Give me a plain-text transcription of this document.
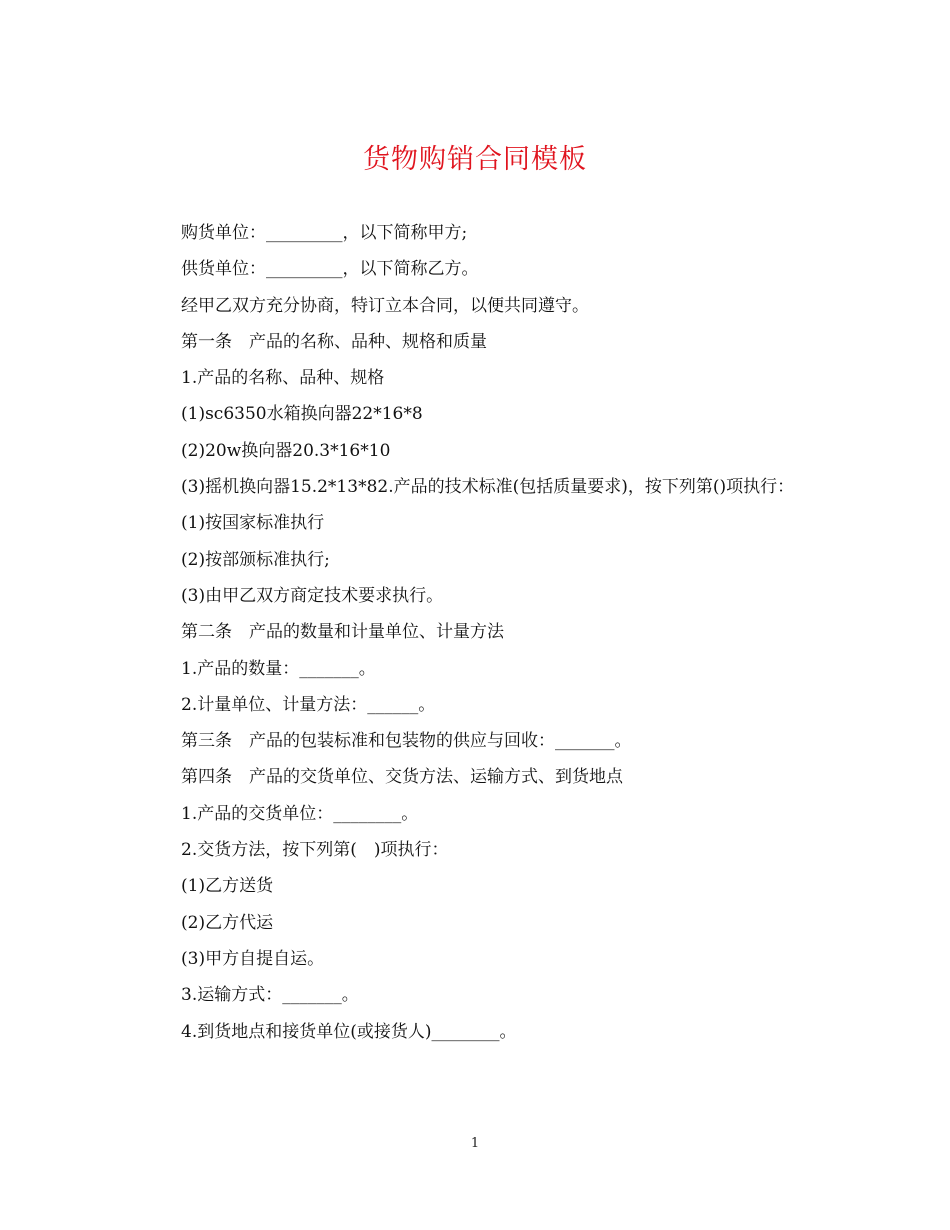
货物购销合同模板

购货单位：_________，以下简称甲方;

供货单位：_________，以下简称乙方。

经甲乙双方充分协商，特订立本合同，以便共同遵守。

第一条　产品的名称、品种、规格和质量

1.产品的名称、品种、规格

(1)sc6350水箱换向器22*16*8

(2)20w换向器20.3*16*10

(3)摇机换向器15.2*13*82.产品的技术标准(包括质量要求)，按下列第()项执行：

(1)按国家标准执行

(2)按部颁标准执行;

(3)由甲乙双方商定技术要求执行。

第二条　产品的数量和计量单位、计量方法

1.产品的数量：_______。

2.计量单位、计量方法：______。

第三条　产品的包装标准和包装物的供应与回收：_______。

第四条　产品的交货单位、交货方法、运输方式、到货地点

1.产品的交货单位：________。

2.交货方法，按下列第(　)项执行：

(1)乙方送货

(2)乙方代运

(3)甲方自提自运。

3.运输方式：_______。

4.到货地点和接货单位(或接货人)________。

1
